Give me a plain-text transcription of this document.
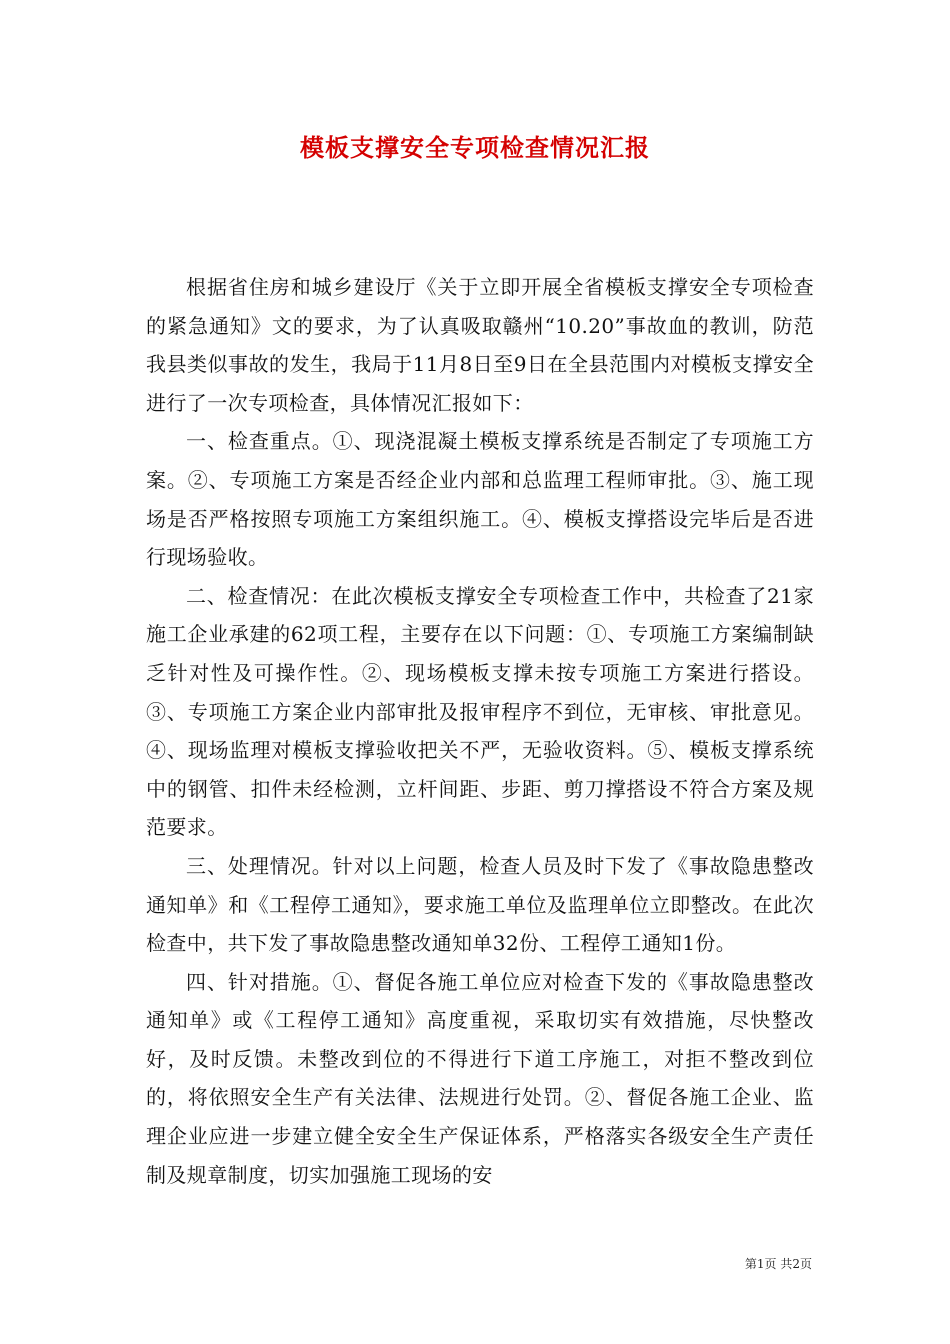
模板支撑安全专项检查情况汇报

根据省住房和城乡建设厅《关于立即开展全省模板支撑安全专项检查的紧急通知》文的要求，为了认真吸取赣州“10.20”事故血的教训，防范我县类似事故的发生，我局于11月8日至9日在全县范围内对模板支撑安全进行了一次专项检查，具体情况汇报如下：

一、检查重点。①、现浇混凝土模板支撑系统是否制定了专项施工方案。②、专项施工方案是否经企业内部和总监理工程师审批。③、施工现场是否严格按照专项施工方案组织施工。④、模板支撑搭设完毕后是否进行现场验收。

二、检查情况：在此次模板支撑安全专项检查工作中，共检查了21家施工企业承建的62项工程，主要存在以下问题：①、专项施工方案编制缺乏针对性及可操作性。②、现场模板支撑未按专项施工方案进行搭设。③、专项施工方案企业内部审批及报审程序不到位，无审核、审批意见。④、现场监理对模板支撑验收把关不严，无验收资料。⑤、模板支撑系统中的钢管、扣件未经检测，立杆间距、步距、剪刀撑搭设不符合方案及规范要求。

三、处理情况。针对以上问题，检查人员及时下发了《事故隐患整改通知单》和《工程停工通知》，要求施工单位及监理单位立即整改。在此次检查中，共下发了事故隐患整改通知单32份、工程停工通知1份。

四、针对措施。①、督促各施工单位应对检查下发的《事故隐患整改通知单》或《工程停工通知》高度重视，采取切实有效措施，尽快整改好，及时反馈。未整改到位的不得进行下道工序施工，对拒不整改到位的，将依照安全生产有关法律、法规进行处罚。②、督促各施工企业、监理企业应进一步建立健全安全生产保证体系，严格落实各级安全生产责任制及规章制度，切实加强施工现场的安

第1页 共2页
